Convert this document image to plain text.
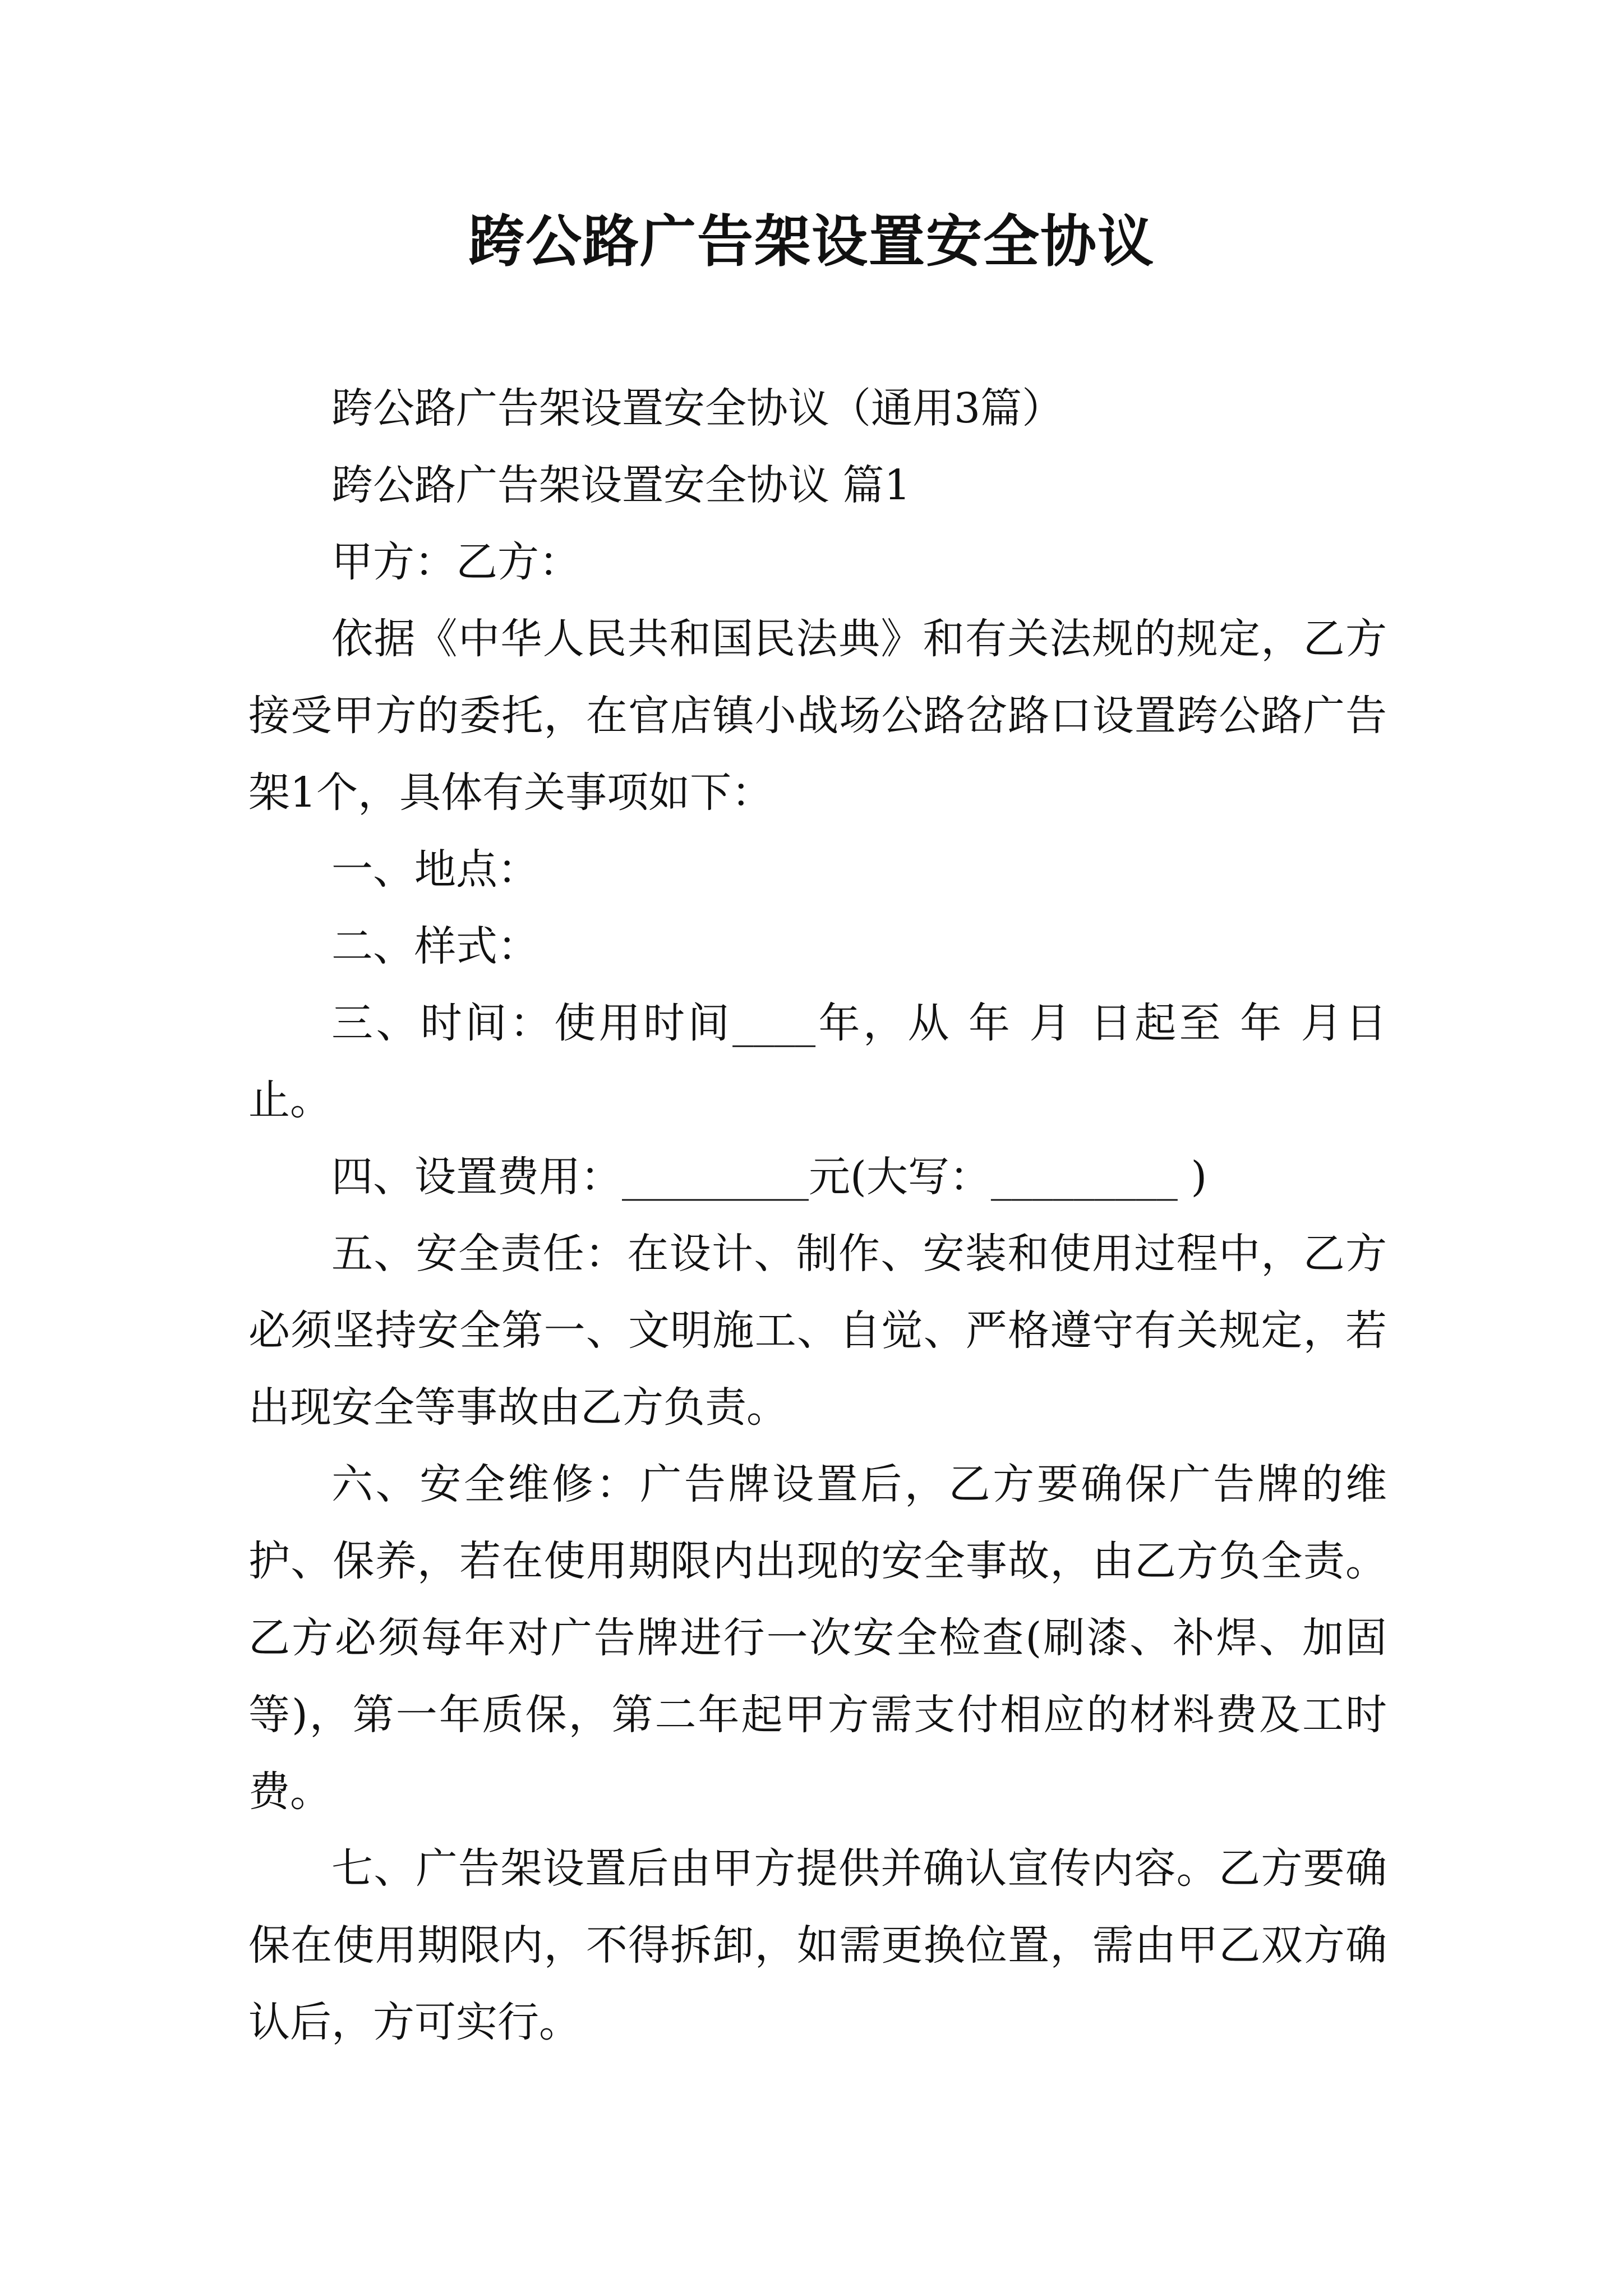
跨公路广告架设置安全协议

跨公路广告架设置安全协议（通用3篇）

跨公路广告架设置安全协议 篇1

甲方：乙方：

依据《中华人民共和国民法典》和有关法规的规定，乙方接受甲方的委托，在官店镇小战场公路岔路口设置跨公路广告架1个，具体有关事项如下：

一、地点：

二、样式：

三、时间：使用时间____年，从 年 月 日起至 年 月日止。

四、设置费用：_________元(大写：_________ )

五、安全责任：在设计、制作、安装和使用过程中，乙方必须坚持安全第一、文明施工、自觉、严格遵守有关规定，若出现安全等事故由乙方负责。

六、安全维修：广告牌设置后，乙方要确保广告牌的维护、保养，若在使用期限内出现的安全事故，由乙方负全责。乙方必须每年对广告牌进行一次安全检查(刷漆、补焊、加固等)，第一年质保，第二年起甲方需支付相应的材料费及工时费。

七、广告架设置后由甲方提供并确认宣传内容。乙方要确保在使用期限内，不得拆卸，如需更换位置，需由甲乙双方确认后，方可实行。
